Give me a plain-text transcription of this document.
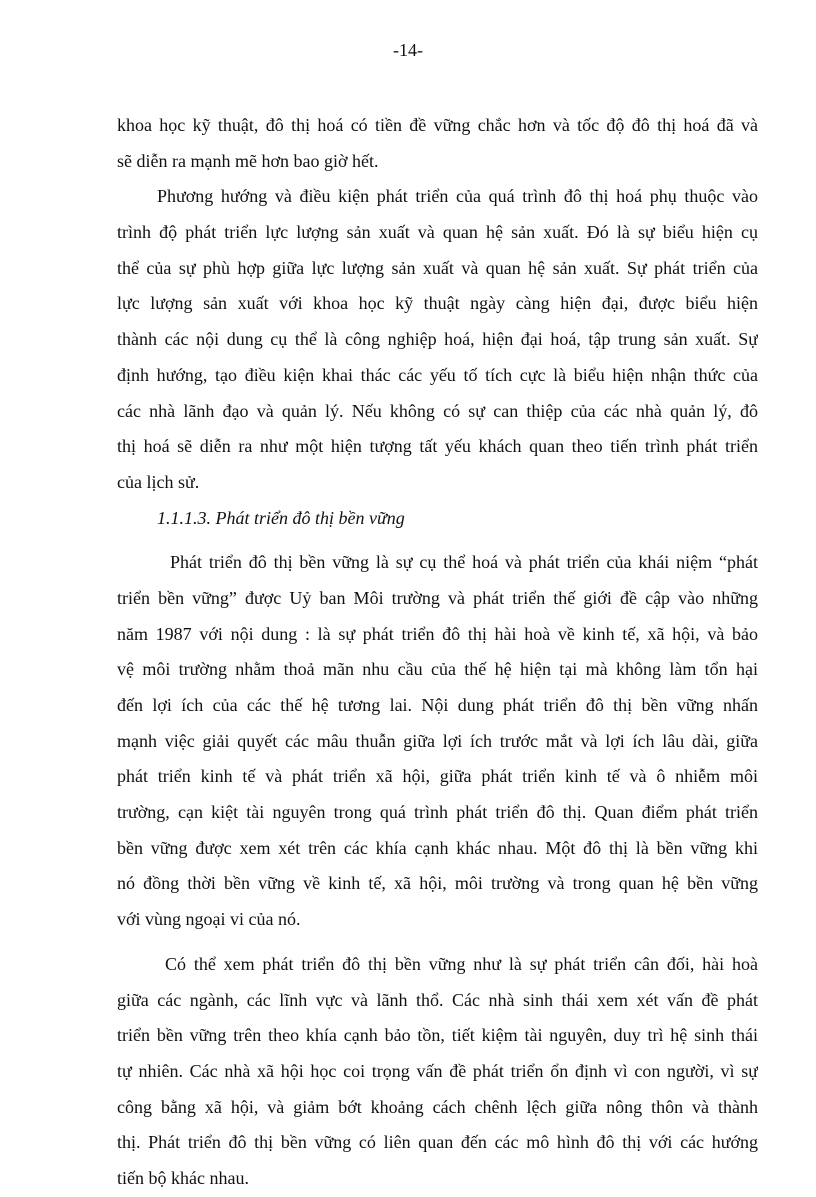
-14-
khoa học kỹ thuật, đô thị hoá có tiền đề vững chắc hơn và tốc độ đô thị hoá đã và
sẽ diễn ra mạnh mẽ hơn bao giờ hết.
Phương hướng và điều kiện phát triển của quá trình đô thị hoá phụ thuộc vào
trình độ phát triển lực lượng sản xuất và quan hệ sản xuất. Đó là sự biểu hiện cụ
thể của sự phù hợp giữa lực lượng sản xuất và quan hệ sản xuất. Sự phát triển của
lực lượng sản xuất với khoa học kỹ thuật ngày càng hiện đại, được biểu hiện
thành các nội dung cụ thể là công nghiệp hoá, hiện đại hoá, tập trung sản xuất. Sự
định hướng, tạo điều kiện khai thác các yếu tố tích cực là biểu hiện nhận thức của
các nhà lãnh đạo và quản lý. Nếu không có sự can thiệp của các nhà quản lý, đô
thị hoá sẽ diễn ra như một hiện tượng tất yếu khách quan theo tiến trình phát triển
của lịch sử.
1.1.1.3. Phát triển đô thị bền vững
Phát triển đô thị bền vững là sự cụ thể hoá và phát triển của khái niệm “phát
triển bền vững” được Uỷ ban Môi trường và phát triển thế giới đề cập vào những
năm 1987 với nội dung : là sự phát triển đô thị hài hoà về kinh tế, xã hội, và bảo
vệ môi trường nhằm thoả mãn nhu cầu của thế hệ hiện tại mà không làm tổn hại
đến lợi ích của các thế hệ tương lai. Nội dung phát triển đô thị bền vững nhấn
mạnh việc giải quyết các mâu thuẫn giữa lợi ích trước mắt và lợi ích lâu dài, giữa
phát triển kinh tế và phát triển xã hội, giữa phát triển kinh tế và ô nhiễm môi
trường, cạn kiệt tài nguyên trong quá trình phát triển đô thị. Quan điểm phát triển
bền vững được xem xét trên các khía cạnh khác nhau. Một đô thị là bền vững khi
nó đồng thời bền vững về kinh tế, xã hội, môi trường và trong quan hệ bền vững
với vùng ngoại vi của nó.
Có thể xem phát triển đô thị bền vững như là sự phát triển cân đối, hài hoà
giữa các ngành, các lĩnh vực và lãnh thổ. Các nhà sinh thái xem xét vấn đề phát
triển bền vững trên theo khía cạnh bảo tồn, tiết kiệm tài nguyên, duy trì hệ sinh thái
tự nhiên. Các nhà xã hội học coi trọng vấn đề phát triển ổn định vì con người, vì sự
công bằng xã hội, và giảm bớt khoảng cách chênh lệch giữa nông thôn và thành
thị. Phát triển đô thị bền vững có liên quan đến các mô hình đô thị với các hướng
tiến bộ khác nhau.
